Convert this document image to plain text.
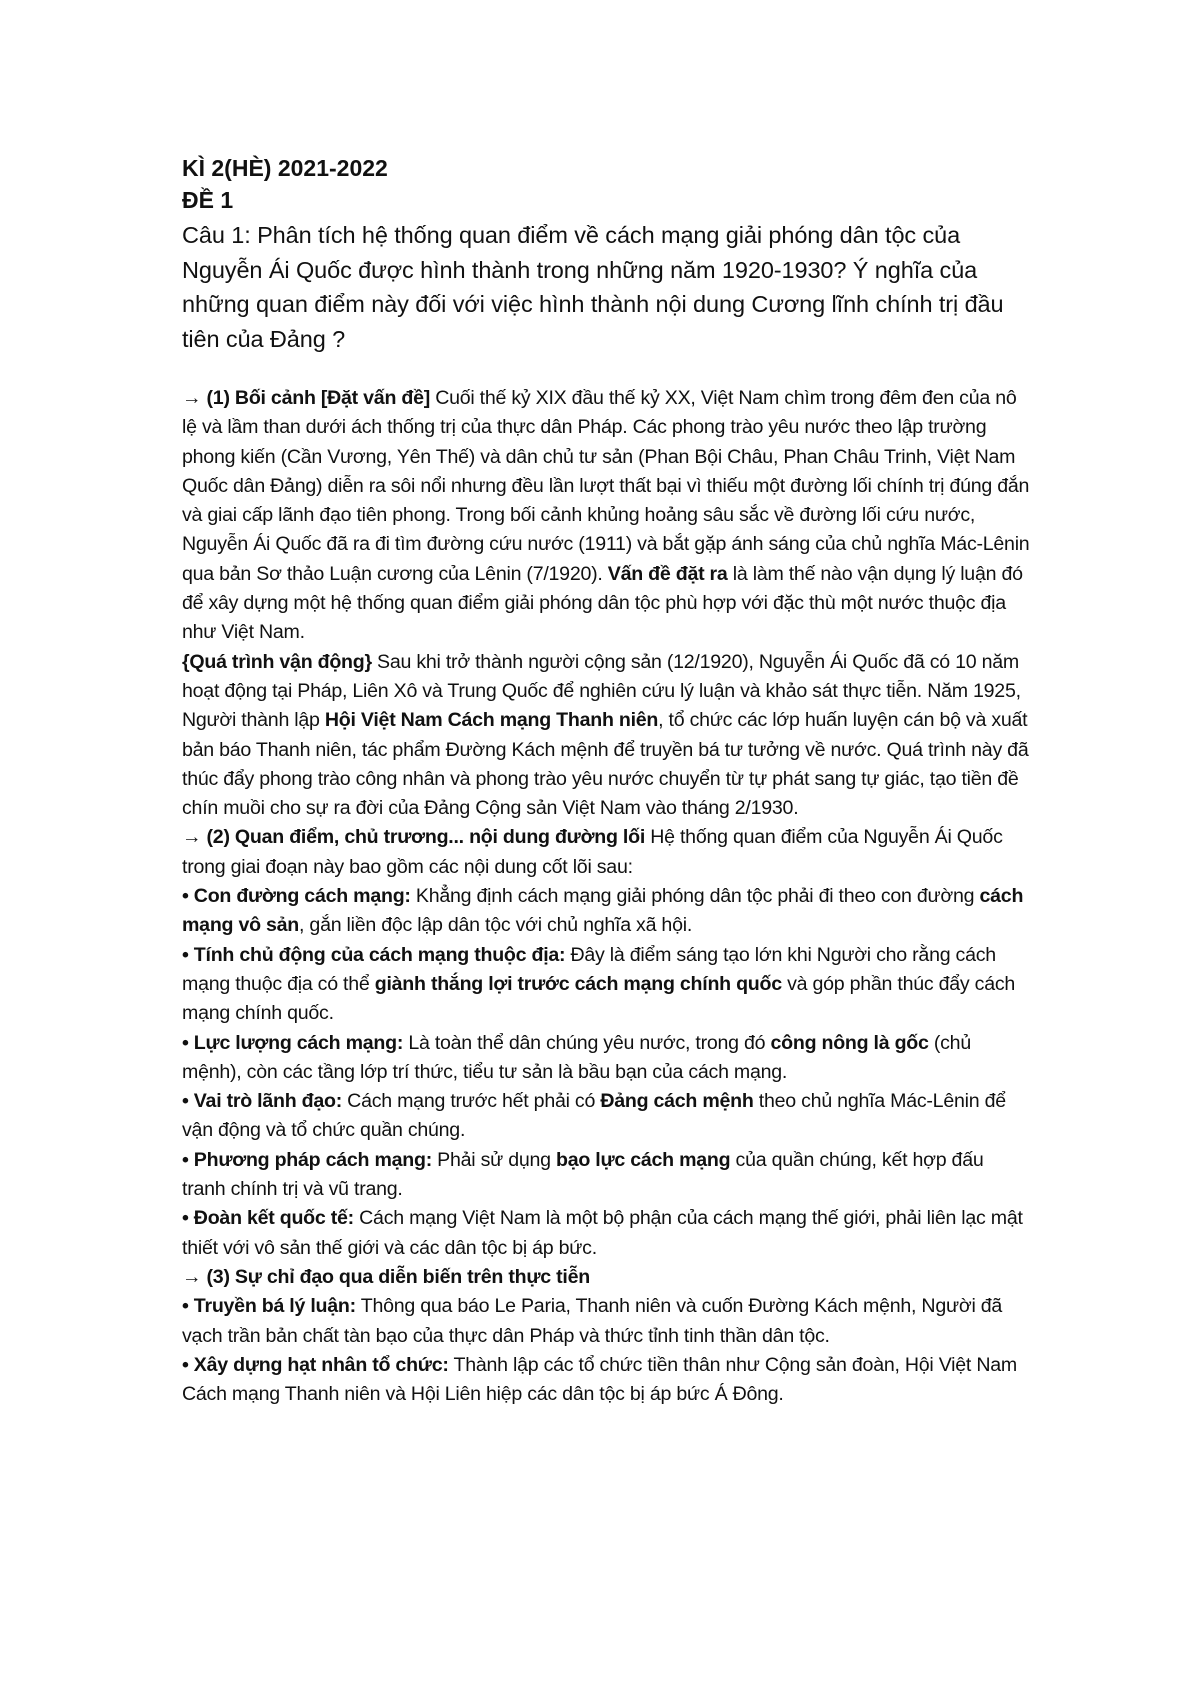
KÌ 2(HÈ) 2021-2022

ĐỀ 1

Câu 1: Phân tích hệ thống quan điểm về cách mạng giải phóng dân tộc của Nguyễn Ái Quốc được hình thành trong những năm 1920-1930? Ý nghĩa của những quan điểm này đối với việc hình thành nội dung Cương lĩnh chính trị đầu tiên của Đảng ?

→ (1) Bối cảnh [Đặt vấn đề] Cuối thế kỷ XIX đầu thế kỷ XX, Việt Nam chìm trong đêm đen của nô lệ và lầm than dưới ách thống trị của thực dân Pháp. Các phong trào yêu nước theo lập trường phong kiến (Cần Vương, Yên Thế) và dân chủ tư sản (Phan Bội Châu, Phan Châu Trinh, Việt Nam Quốc dân Đảng) diễn ra sôi nổi nhưng đều lần lượt thất bại vì thiếu một đường lối chính trị đúng đắn và giai cấp lãnh đạo tiên phong. Trong bối cảnh khủng hoảng sâu sắc về đường lối cứu nước, Nguyễn Ái Quốc đã ra đi tìm đường cứu nước (1911) và bắt gặp ánh sáng của chủ nghĩa Mác-Lênin qua bản Sơ thảo Luận cương của Lênin (7/1920). Vấn đề đặt ra là làm thế nào vận dụng lý luận đó để xây dựng một hệ thống quan điểm giải phóng dân tộc phù hợp với đặc thù một nước thuộc địa như Việt Nam.

{Quá trình vận động} Sau khi trở thành người cộng sản (12/1920), Nguyễn Ái Quốc đã có 10 năm hoạt động tại Pháp, Liên Xô và Trung Quốc để nghiên cứu lý luận và khảo sát thực tiễn. Năm 1925, Người thành lập Hội Việt Nam Cách mạng Thanh niên, tổ chức các lớp huấn luyện cán bộ và xuất bản báo Thanh niên, tác phẩm Đường Kách mệnh để truyền bá tư tưởng về nước. Quá trình này đã thúc đẩy phong trào công nhân và phong trào yêu nước chuyển từ tự phát sang tự giác, tạo tiền đề chín muồi cho sự ra đời của Đảng Cộng sản Việt Nam vào tháng 2/1930.

→ (2) Quan điểm, chủ trương... nội dung đường lối Hệ thống quan điểm của Nguyễn Ái Quốc trong giai đoạn này bao gồm các nội dung cốt lõi sau:

• Con đường cách mạng: Khẳng định cách mạng giải phóng dân tộc phải đi theo con đường cách mạng vô sản, gắn liền độc lập dân tộc với chủ nghĩa xã hội.

• Tính chủ động của cách mạng thuộc địa: Đây là điểm sáng tạo lớn khi Người cho rằng cách mạng thuộc địa có thể giành thắng lợi trước cách mạng chính quốc và góp phần thúc đẩy cách mạng chính quốc.

• Lực lượng cách mạng: Là toàn thể dân chúng yêu nước, trong đó công nông là gốc (chủ mệnh), còn các tầng lớp trí thức, tiểu tư sản là bầu bạn của cách mạng.

• Vai trò lãnh đạo: Cách mạng trước hết phải có Đảng cách mệnh theo chủ nghĩa Mác-Lênin để vận động và tổ chức quần chúng.

• Phương pháp cách mạng: Phải sử dụng bạo lực cách mạng của quần chúng, kết hợp đấu tranh chính trị và vũ trang.

• Đoàn kết quốc tế: Cách mạng Việt Nam là một bộ phận của cách mạng thế giới, phải liên lạc mật thiết với vô sản thế giới và các dân tộc bị áp bức.

→ (3) Sự chỉ đạo qua diễn biến trên thực tiễn

• Truyền bá lý luận: Thông qua báo Le Paria, Thanh niên và cuốn Đường Kách mệnh, Người đã vạch trần bản chất tàn bạo của thực dân Pháp và thức tỉnh tinh thần dân tộc.

• Xây dựng hạt nhân tổ chức: Thành lập các tổ chức tiền thân như Cộng sản đoàn, Hội Việt Nam Cách mạng Thanh niên và Hội Liên hiệp các dân tộc bị áp bức Á Đông.
